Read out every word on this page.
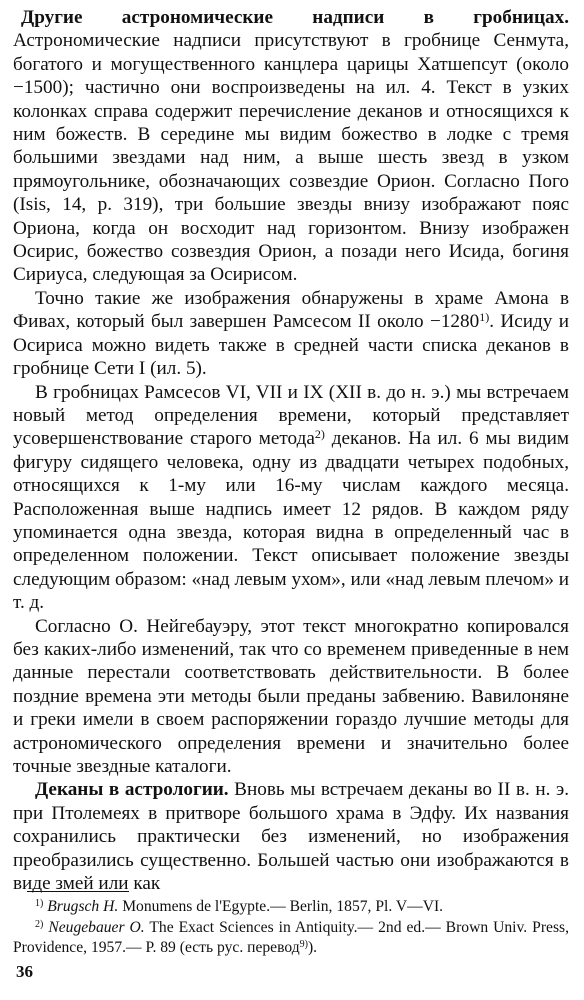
Другие астрономические надписи в гробницах. Астрономические надписи присутствуют в гробнице Сенмута, богатого и могущественного канцлера царицы Хатшепсут (около −1500); частично они воспроизведены на ил. 4. Текст в узких колонках справа содержит перечисление деканов и относящихся к ним божеств. В середине мы видим божество в лодке с тремя большими звездами над ним, а выше шесть звезд в узком прямоугольнике, обозначающих созвездие Орион. Согласно Пого (Isis, 14, p. 319), три большие звезды внизу изображают пояс Ориона, когда он восходит над горизонтом. Внизу изображен Осирис, божество созвездия Орион, а позади него Исида, богиня Сириуса, следующая за Осирисом.

Точно такие же изображения обнаружены в храме Амона в Фивах, который был завершен Рамсесом II около $-1280^{1)}$. Исиду и Осириса можно видеть также в средней части списка деканов в гробнице Сети I (ил. 5).

В гробницах Рамсесов VI, VII и IX (XII в. до н. э.) мы встречаем новый метод определения времени, который представляет усовершенствование старого метода$^{2)}$ деканов. На ил. 6 мы видим фигуру сидящего человека, одну из двадцати четырех подобных, относящихся к 1-му или 16-му числам каждого месяца. Расположенная выше надпись имеет 12 рядов. В каждом ряду упоминается одна звезда, которая видна в определенный час в определенном положении. Текст описывает положение звезды следующим образом: «над левым ухом», или «над левым плечом» и т. д.

Согласно О. Нейгебауэру, этот текст многократно копировался без каких-либо изменений, так что со временем приведенные в нем данные перестали соответствовать действительности. В более поздние времена эти методы были преданы забвению. Вавилоняне и греки имели в своем распоряжении гораздо лучшие методы для астрономического определения времени и значительно более точные звездные каталоги.

Деканы в астрологии. Вновь мы встречаем деканы во II в. н. э. при Птолемеях в притворе большого храма в Эдфу. Их названия сохранились практически без изменений, но изображения преобразились существенно. Большей частью они изображаются в виде змей или как

$^{1)}$ Brugsch H. Monumens de l'Egypte.— Berlin, 1857, Pl. V—VI.

$^{2)}$ Neugebauer O. The Exact Sciences in Antiquity.— 2nd ed.— Brown Univ. Press, Providence, 1957.— P. 89 (есть рус. перевод$^{9)}$).

36
